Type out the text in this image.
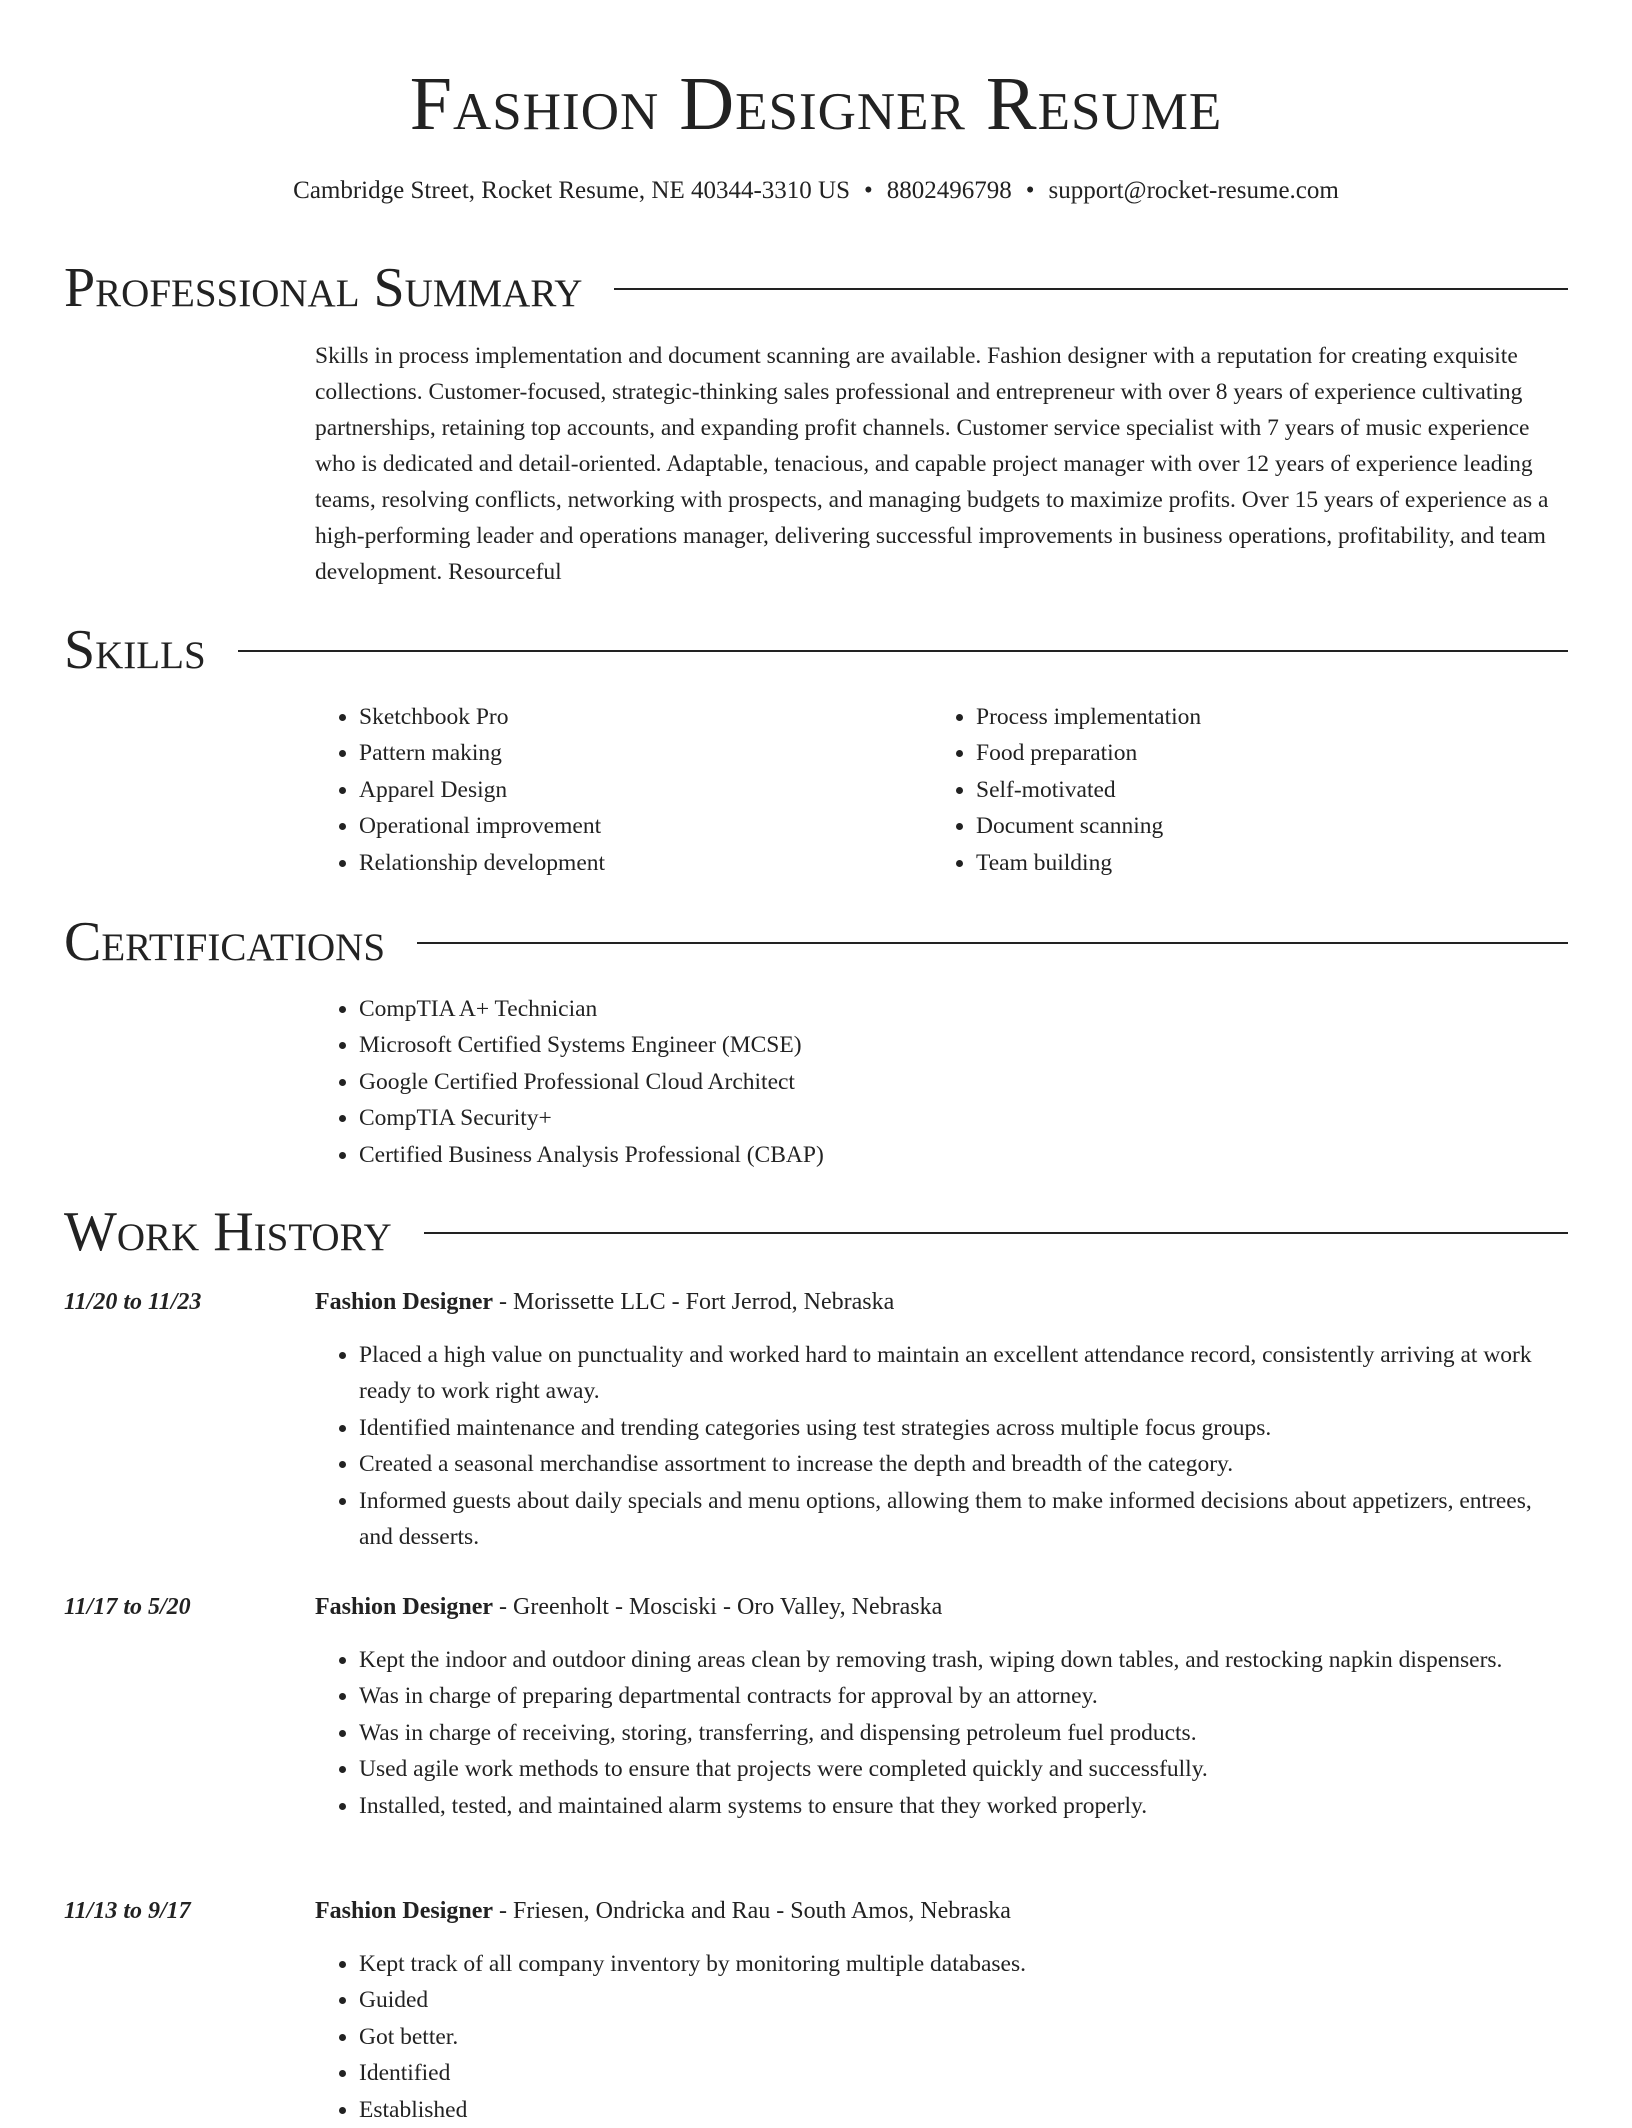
Fashion Designer Resume
Cambridge Street, Rocket Resume, NE 40344-3310 US • 8802496798 • support@rocket-resume.com
Professional Summary

Skills in process implementation and document scanning are available. Fashion designer with a reputation for creating exquisite collections. Customer-focused, strategic-thinking sales professional and entrepreneur with over 8 years of experience cultivating partnerships, retaining top accounts, and expanding profit channels. Customer service specialist with 7 years of music experience who is dedicated and detail-oriented. Adaptable, tenacious, and capable project manager with over 12 years of experience leading teams, resolving conflicts, networking with prospects, and managing budgets to maximize profits. Over 15 years of experience as a high-performing leader and operations manager, delivering successful improvements in business operations, profitability, and team development. Resourceful

Skills
• Sketchbook Pro
• Pattern making
• Apparel Design
• Operational improvement
• Relationship development
• Process implementation
• Food preparation
• Self-motivated
• Document scanning
• Team building
Certifications
• CompTIA A+ Technician
• Microsoft Certified Systems Engineer (MCSE)
• Google Certified Professional Cloud Architect
• CompTIA Security+
• Certified Business Analysis Professional (CBAP)
Work History
11/20 to 11/23	Fashion Designer - Morissette LLC - Fort Jerrod, Nebraska
• Placed a high value on punctuality and worked hard to maintain an excellent attendance record, consistently arriving at work ready to work right away.
• Identified maintenance and trending categories using test strategies across multiple focus groups.
• Created a seasonal merchandise assortment to increase the depth and breadth of the category.
• Informed guests about daily specials and menu options, allowing them to make informed decisions about appetizers, entrees, and desserts.
11/17 to 5/20	Fashion Designer - Greenholt - Mosciski - Oro Valley, Nebraska
• Kept the indoor and outdoor dining areas clean by removing trash, wiping down tables, and restocking napkin dispensers.
• Was in charge of preparing departmental contracts for approval by an attorney.
• Was in charge of receiving, storing, transferring, and dispensing petroleum fuel products.
• Used agile work methods to ensure that projects were completed quickly and successfully.
• Installed, tested, and maintained alarm systems to ensure that they worked properly.
11/13 to 9/17	Fashion Designer - Friesen, Ondricka and Rau - South Amos, Nebraska
• Kept track of all company inventory by monitoring multiple databases.
• Guided
• Got better.
• Identified
• Established
